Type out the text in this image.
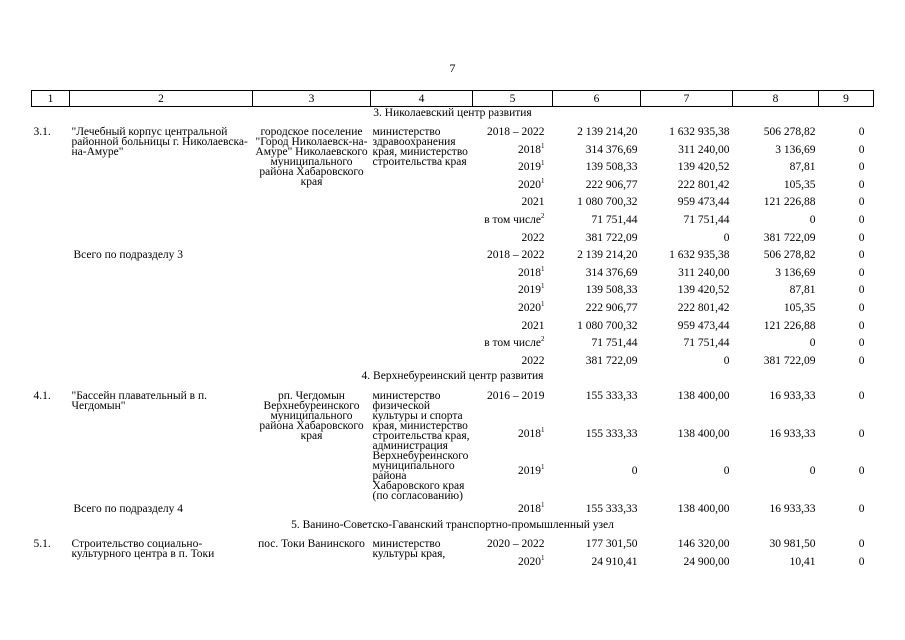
7
1	2	3	4	5	6	7	8	9
3. Николаевский центр развития								
3.1.	"Лечебный корпус центральной районной больницы г. Николаевска-на-Амуре"	городское поселение "Город Николаевск-на-Амуре" Николаевского муниципального района Хабаровского края	министерство здравоохранения края, министерство строительства края	2018 – 2022	2 139 214,20	1 632 935,38	506 278,82	0
				2018$^1$	314 376,69	311 240,00	3 136,69	0
				2019$^1$	139 508,33	139 420,52	87,81	0
				2020$^1$	222 906,77	222 801,42	105,35	0
				2021	1 080 700,32	959 473,44	121 226,88	0
				в том числе$^2$	71 751,44	71 751,44	0	0
				2022	381 722,09	0	381 722,09	0
Всего по подразделу 3				2018 – 2022	2 139 214,20	1 632 935,38	506 278,82	0
				2018$^1$	314 376,69	311 240,00	3 136,69	0
				2019$^1$	139 508,33	139 420,52	87,81	0
				2020$^1$	222 906,77	222 801,42	105,35	0
				2021	1 080 700,32	959 473,44	121 226,88	0
				в том числе$^2$	71 751,44	71 751,44	0	0
				2022	381 722,09	0	381 722,09	0
4. Верхнебуреинский центр развития								
4.1.	"Бассейн плавательный в п. Чегдомын"	рп. Чегдомын Верхнебуреинского муниципального района Хабаровского края	министерство физической культуры и спорта края, министерство строительства края, администрация Верхнебуреинского муниципального района Хабаровского края (по согласованию)	2016 – 2019	155 333,33	138 400,00	16 933,33	0
				2018$^1$	155 333,33	138 400,00	16 933,33	0
				2019$^1$	0	0	0	0
Всего по подразделу 4				2018$^1$	155 333,33	138 400,00	16 933,33	0
5. Ванино-Советско-Гаванский транспортно-промышленный узел								
5.1.	Строительство социально-культурного центра в п. Токи	пос. Токи Ванинского	министерство культуры края,	2020 – 2022	177 301,50	146 320,00	30 981,50	0
				2020$^1$	24 910,41	24 900,00	10,41	0
